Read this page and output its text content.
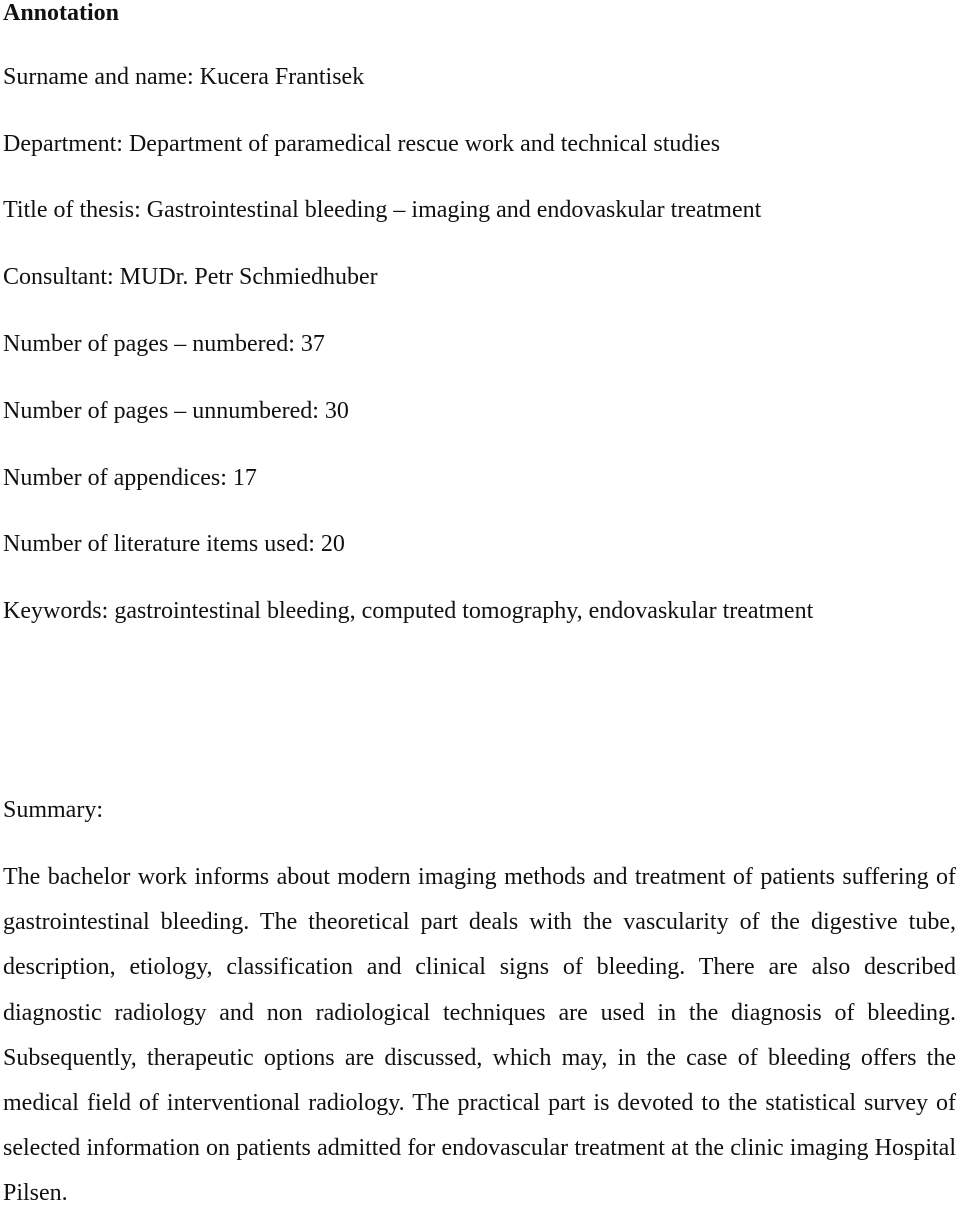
Annotation

Surname and name: Kucera Frantisek

Department: Department of paramedical rescue work and technical studies

Title of thesis: Gastrointestinal bleeding – imaging and endovaskular treatment

Consultant: MUDr. Petr Schmiedhuber

Number of pages – numbered: 37

Number of pages – unnumbered: 30

Number of appendices: 17

Number of literature items used: 20

Keywords: gastrointestinal bleeding, computed tomography, endovaskular treatment

Summary:

The bachelor work informs about modern imaging methods and treatment of patients suffering of gastrointestinal bleeding. The theoretical part deals with the vascularity of the digestive tube, description, etiology, classification and clinical signs of bleeding. There are also described diagnostic radiology and non radiological techniques are used in the diagnosis of bleeding. Subsequently, therapeutic options are discussed, which may, in the case of bleeding offers the medical field of interventional radiology. The practical part is devoted to the statistical survey of selected information on patients admitted for endovascular treatment at the clinic imaging Hospital Pilsen.
